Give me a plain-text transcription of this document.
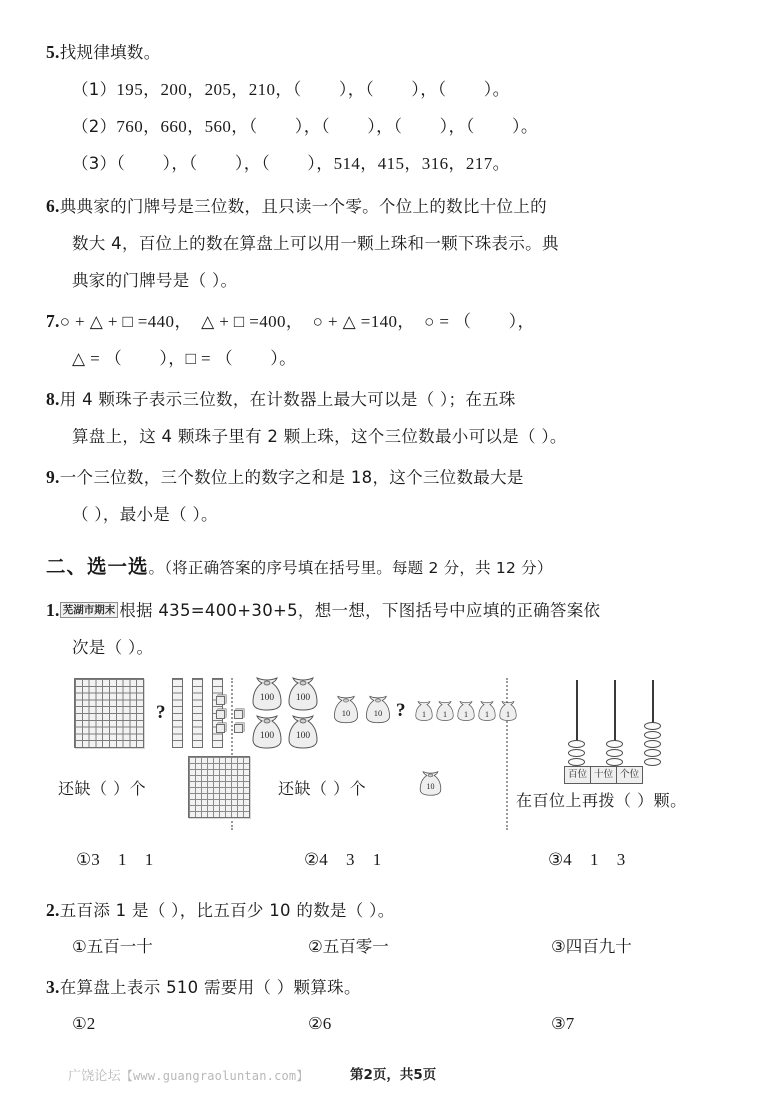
5.找规律填数。
（1）195，200，205，210，（        ），（        ），（        ）。
（2）760，660，560，（        ），（        ），（        ），（        ）。
（3）（        ），（        ），（        ），514，415，316，217。
6.典典家的门牌号是三位数，且只读一个零。个位上的数比十位上的
数大 4，百位上的数在算盘上可以用一颗上珠和一颗下珠表示。典
典家的门牌号是（ ）。
7.○ + △ + □ =440，  △ + □ =400，  ○ + △ =140，  ○ = （        ），
△ = （        ），□ = （        ）。
8.用 4 颗珠子表示三位数，在计数器上最大可以是（ ）；在五珠
算盘上，这 4 颗珠子里有 2 颗上珠，这个三位数最小可以是（ ）。
9.一个三位数，三个数位上的数字之和是 18，这个三位数最大是
（ ），最小是（ ）。
二、选一选。（将正确答案的序号填在括号里。每题 2 分，共 12 分）
1. 芜湖市期末 根据 435=400+30+5，想一想，下图括号中应填的正确答案依
次是（ ）。
?

还缺（ ）个
100	100
100	100
10	10 ?	1	1	1	1	1
还缺（ ）个	10
百位 十位 个位
在百位上再拨（ ）颗。
①3 1 1	②4 3 1	③4 1 3
2.五百添 1 是（ ），比五百少 10 的数是（ ）。
①五百一十	②五百零一	③四百九十
3.在算盘上表示 510 需要用（ ）颗算珠。
①2	②6	③7
广饶论坛【www.guangraoluntan.com】	第2页，共5页
